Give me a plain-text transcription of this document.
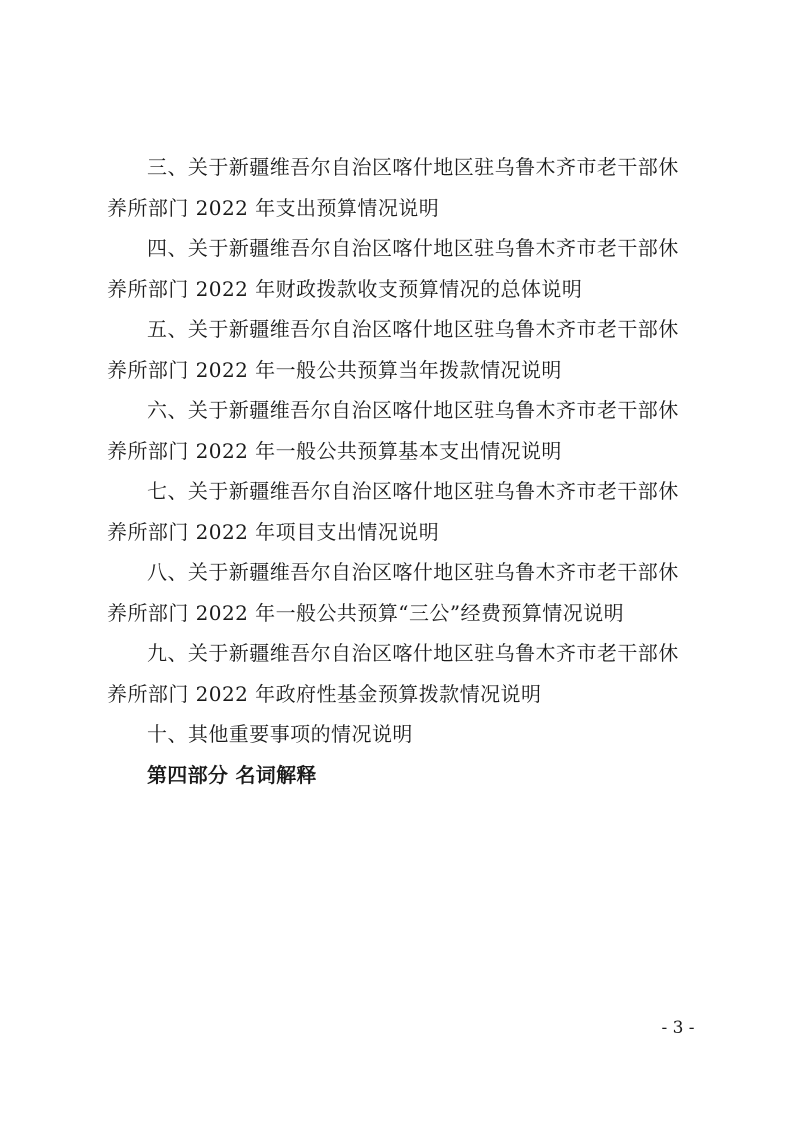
三、关于新疆维吾尔自治区喀什地区驻乌鲁木齐市老干部休
养所部门 2022 年支出预算情况说明
四、关于新疆维吾尔自治区喀什地区驻乌鲁木齐市老干部休
养所部门 2022 年财政拨款收支预算情况的总体说明
五、关于新疆维吾尔自治区喀什地区驻乌鲁木齐市老干部休
养所部门 2022 年一般公共预算当年拨款情况说明
六、关于新疆维吾尔自治区喀什地区驻乌鲁木齐市老干部休
养所部门 2022 年一般公共预算基本支出情况说明
七、关于新疆维吾尔自治区喀什地区驻乌鲁木齐市老干部休
养所部门 2022 年项目支出情况说明
八、关于新疆维吾尔自治区喀什地区驻乌鲁木齐市老干部休
养所部门 2022 年一般公共预算“三公”经费预算情况说明
九、关于新疆维吾尔自治区喀什地区驻乌鲁木齐市老干部休
养所部门 2022 年政府性基金预算拨款情况说明
十、其他重要事项的情况说明
第四部分 名词解释
- 3 -
